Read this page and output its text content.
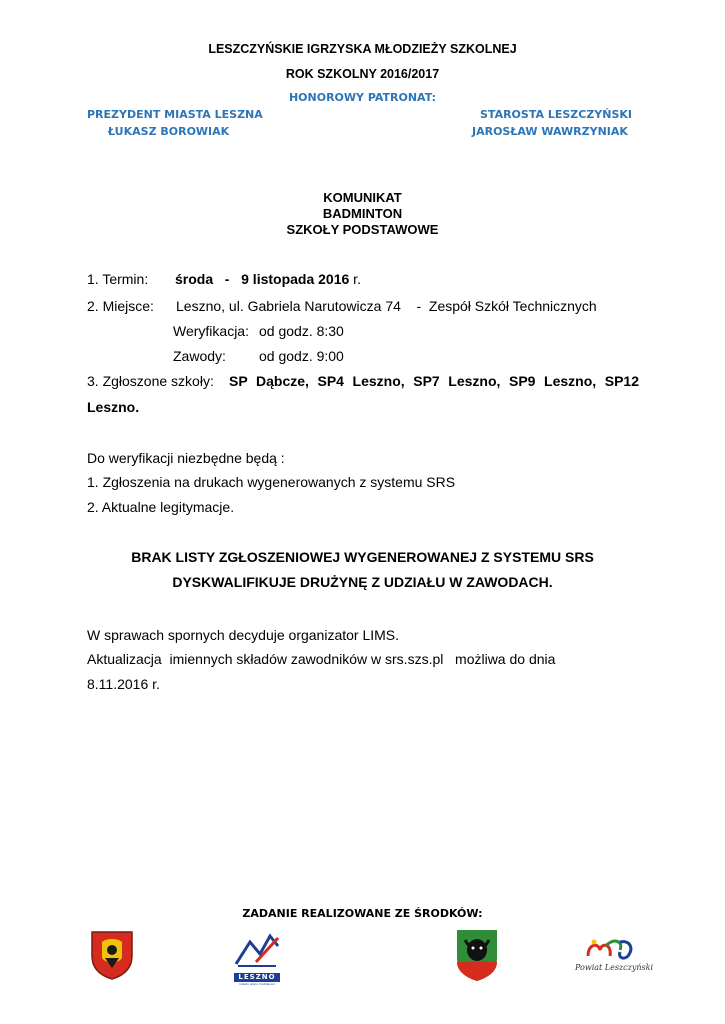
LESZCZYŃSKIE IGRZYSKA MŁODZIEŻY SZKOLNEJ
ROK SZKOLNY 2016/2017
HONOROWY PATRONAT:
PREZYDENT MIASTA LESZNA
ŁUKASZ BOROWIAK
STAROSTA LESZCZYŃSKI
JAROSŁAW WAWRZYNIAK
KOMUNIKAT
BADMINTON
SZKOŁY PODSTAWOWE
1. Termin: środa   -   9 listopada 2016 r.
2. Miejsce: Leszno, ul. Gabriela Narutowicza 74    -  Zespół Szkół Technicznych
Weryfikacja: od godz. 8:30
Zawody: od godz. 9:00
3. Zgłoszone szkoły: SP Dąbcze, SP4 Leszno, SP7 Leszno, SP9 Leszno, SP12
Leszno.
Do weryfikacji niezbędne będą :
1. Zgłoszenia na drukach wygenerowanych z systemu SRS
2. Aktualne legitymacje.
BRAK LISTY ZGŁOSZENIOWEJ WYGENEROWANEJ Z SYSTEMU SRS
DYSKWALIFIKUJE DRUŻYNĘ Z UDZIAŁU W ZAWODACH.
W sprawach spornych decyduje organizator LIMS.
Aktualizacja  imiennych składów zawodników w srs.szs.pl   możliwa do dnia
8.11.2016 r.
ZADANIE REALIZOWANE ZE ŚRODKÓW:
LESZNO
miasto wielu możliwości
Powiat Leszczyński
